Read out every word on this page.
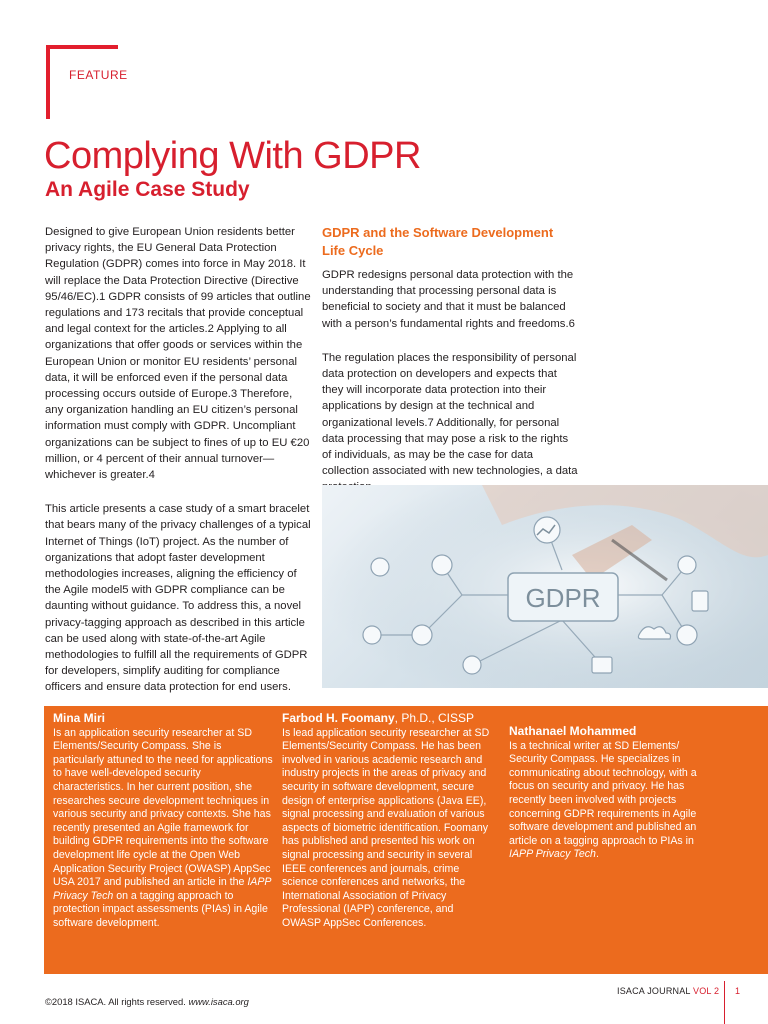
FEATURE
Complying With GDPR
An Agile Case Study

Designed to give European Union residents better privacy rights, the EU General Data Protection Regulation (GDPR) comes into force in May 2018. It will replace the Data Protection Directive (Directive 95/46/EC).1 GDPR consists of 99 articles that outline regulations and 173 recitals that provide conceptual and legal context for the articles.2 Applying to all organizations that offer goods or services within the European Union or monitor EU residents’ personal data, it will be enforced even if the personal data processing occurs outside of Europe.3 Therefore, any organization handling an EU citizen’s personal information must comply with GDPR. Uncompliant organizations can be subject to fines of up to EU €20 million, or 4 percent of their annual turnover—whichever is greater.4

This article presents a case study of a smart bracelet that bears many of the privacy challenges of a typical Internet of Things (IoT) project. As the number of organizations that adopt faster development methodologies increases, aligning the efficiency of the Agile model5 with GDPR compliance can be daunting without guidance. To address this, a novel privacy-tagging approach as described in this article can be used along with state-of-the-art Agile methodologies to fulfill all the requirements of GDPR for developers, simplify auditing for compliance officers and ensure data protection for end users.

GDPR and the Software Development Life Cycle

GDPR redesigns personal data protection with the understanding that processing personal data is beneficial to society and that it must be balanced with a person’s fundamental rights and freedoms.6

The regulation places the responsibility of personal data protection on developers and expects that they will incorporate data protection into their applications by design at the technical and organizational levels.7 Additionally, for personal data processing that may pose a risk to the rights of individuals, as may be the case for data collection associated with new technologies, a data

GDPR
Mina Miri
Is an application security researcher at SD Elements/Security Compass. She is particularly attuned to the need for applications to have well-developed security characteristics. In her current position, she researches secure development techniques in various security and privacy contexts. She has recently presented an Agile framework for building GDPR requirements into the software development life cycle at the Open Web Application Security Project (OWASP) AppSec USA 2017 and published an article in the IAPP Privacy Tech on a tagging approach to protection impact assessments (PIAs) in Agile software development.
Farbod H. Foomany, Ph.D., CISSP
Is lead application security researcher at SD Elements/Security Compass. He has been involved in various academic research and industry projects in the areas of privacy and security in software development, secure design of enterprise applications (Java EE), signal processing and evaluation of various aspects of biometric identification. Foomany has published and presented his work on signal processing and security in several IEEE conferences and journals, crime science conferences and networks, the International Association of Privacy Professional (IAPP) conference, and OWASP AppSec Conferences.
Nathanael Mohammed
Is a technical writer at SD Elements/ Security Compass. He specializes in communicating about technology, with a focus on security and privacy. He has recently been involved with projects concerning GDPR requirements in Agile software development and published an article on a tagging approach to PIAs in IAPP Privacy Tech.
©2018 ISACA. All rights reserved. www.isaca.org
ISACA JOURNAL VOL 2 1
